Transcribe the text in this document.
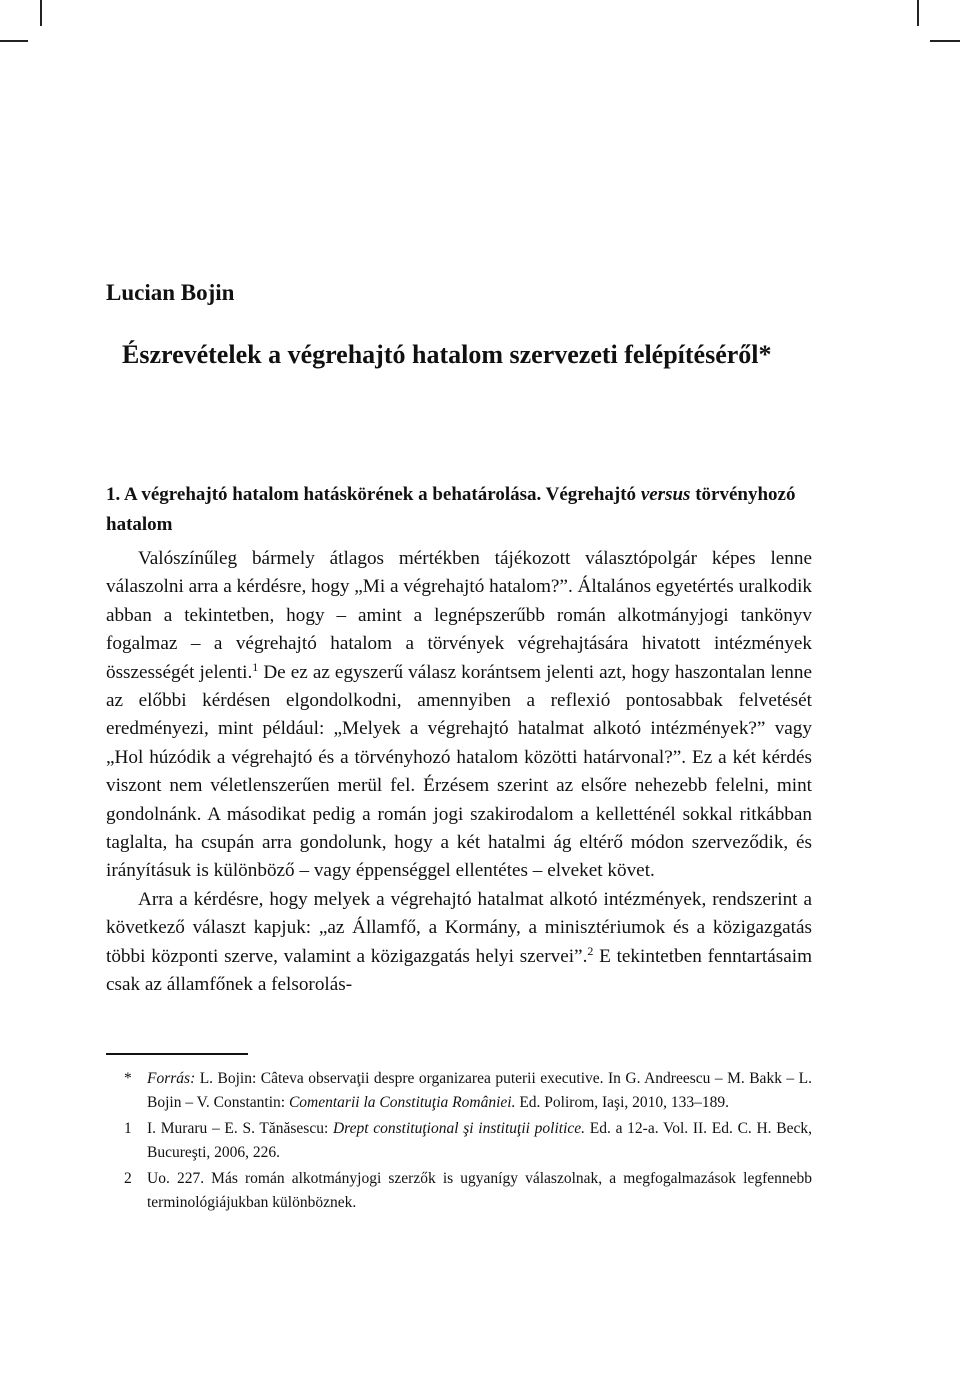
Lucian Bojin
Észrevételek a végrehajtó hatalom szervezeti felépítéséről*
1. A végrehajtó hatalom hatáskörének a behatárolása. Végrehajtó versus törvényhozó hatalom

Valószínűleg bármely átlagos mértékben tájékozott választópolgár képes lenne válaszolni arra a kérdésre, hogy „Mi a végrehajtó hatalom?”. Általános egyetértés uralkodik abban a tekintetben, hogy – amint a legnépszerűbb román alkotmányjogi tankönyv fogalmaz – a végrehajtó hatalom a törvények végrehajtására hivatott intézmények összességét jelenti.$^1$ De ez az egyszerű válasz korántsem jelenti azt, hogy haszontalan lenne az előbbi kérdésen elgondolkodni, amennyiben a reflexió pontosabbak felvetését eredményezi, mint például: „Melyek a végrehajtó hatalmat alkotó intézmények?” vagy „Hol húzódik a végrehajtó és a törvényhozó hatalom közötti határvonal?”. Ez a két kérdés viszont nem véletlenszerűen merül fel. Érzésem szerint az elsőre nehezebb felelni, mint gondolnánk. A másodikat pedig a román jogi szakirodalom a kelletténél sokkal ritkábban taglalta, ha csupán arra gondolunk, hogy a két hatalmi ág eltérő módon szerveződik, és irányításuk is különböző – vagy éppenséggel ellentétes – elveket követ.

Arra a kérdésre, hogy melyek a végrehajtó hatalmat alkotó intézmények, rendszerint a következő választ kapjuk: „az Államfő, a Kormány, a minisztériumok és a közigazgatás többi központi szerve, valamint a közigazgatás helyi szervei”.$^2$ E tekintetben fenntartásaim csak az államfőnek a felsorolás-

* Forrás: L. Bojin: Câteva observaţii despre organizarea puterii executive. In G. Andreescu – M. Bakk – L. Bojin – V. Constantin: Comentarii la Constituţia României. Ed. Polirom, Iaşi, 2010, 133–189.
1 I. Muraru – E. S. Tănăsescu: Drept constituţional şi instituţii politice. Ed. a 12-a. Vol. II. Ed. C. H. Beck, Bucureşti, 2006, 226.
2 Uo. 227. Más román alkotmányjogi szerzők is ugyanígy válaszolnak, a megfogalmazások legfennebb terminológiájukban különböznek.
